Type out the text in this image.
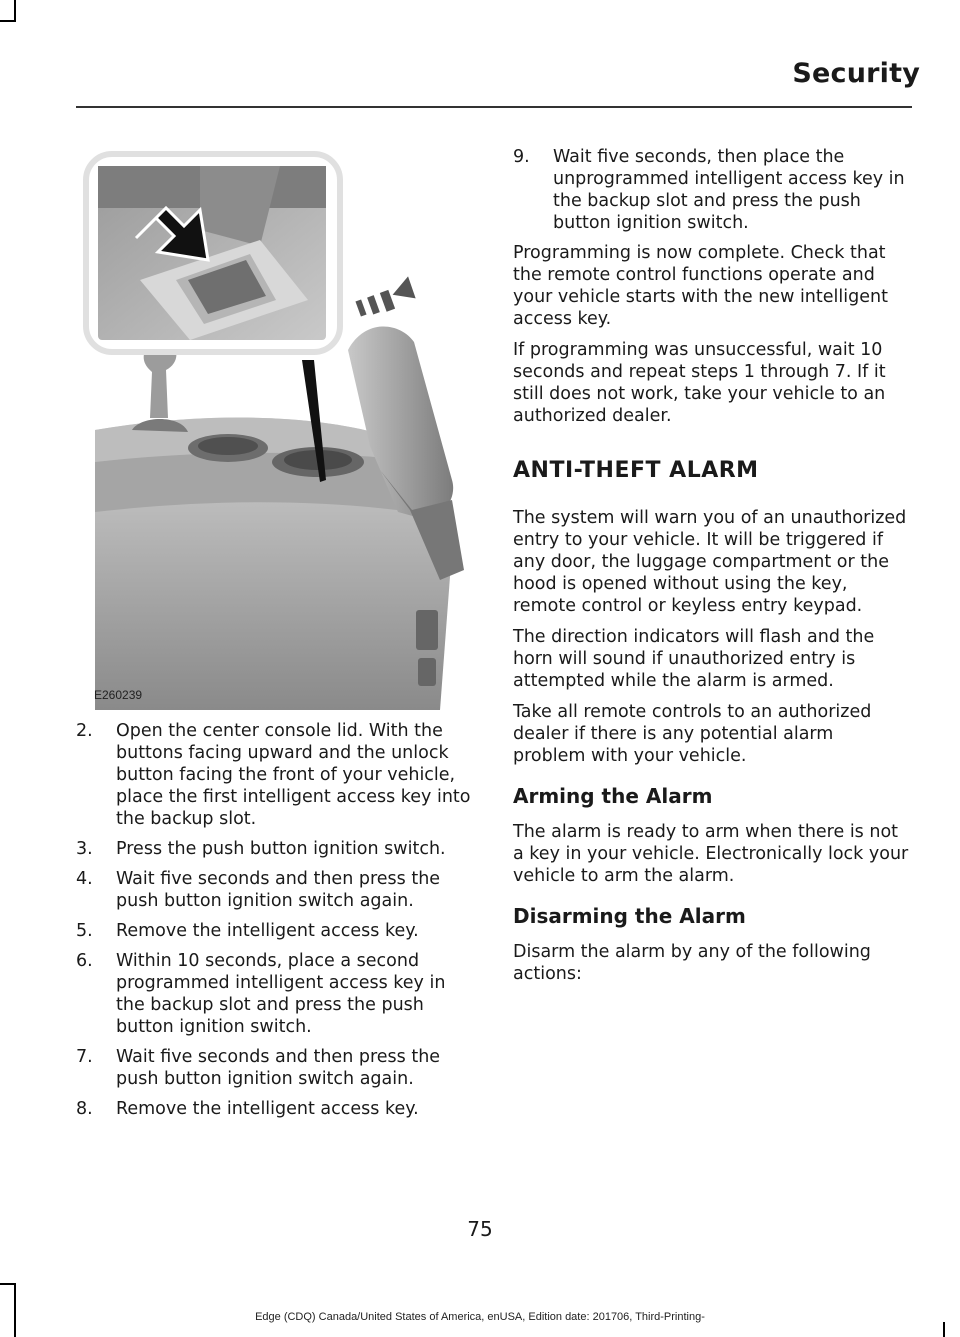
Security
E260239
2. Open the center console lid. With the buttons facing upward and the unlock button facing the front of your vehicle, place the first intelligent access key into the backup slot.
3. Press the push button ignition switch.
4. Wait five seconds and then press the push button ignition switch again.
5. Remove the intelligent access key.
6. Within 10 seconds, place a second programmed intelligent access key in the backup slot and press the push button ignition switch.
7. Wait five seconds and then press the push button ignition switch again.
8. Remove the intelligent access key.
9. Wait five seconds, then place the unprogrammed intelligent access key in the backup slot and press the push button ignition switch.

Programming is now complete. Check that the remote control functions operate and your vehicle starts with the new intelligent access key.

If programming was unsuccessful, wait 10 seconds and repeat steps 1 through 7. If it still does not work, take your vehicle to an authorized dealer.

ANTI-THEFT ALARM

The system will warn you of an unauthorized entry to your vehicle. It will be triggered if any door, the luggage compartment or the hood is opened without using the key, remote control or keyless entry keypad.

The direction indicators will flash and the horn will sound if unauthorized entry is attempted while the alarm is armed.

Take all remote controls to an authorized dealer if there is any potential alarm problem with your vehicle.

Arming the Alarm

The alarm is ready to arm when there is not a key in your vehicle. Electronically lock your vehicle to arm the alarm.

Disarming the Alarm

Disarm the alarm by any of the following actions:

75
Edge (CDQ) Canada/United States of America, enUSA, Edition date: 201706, Third-Printing-
